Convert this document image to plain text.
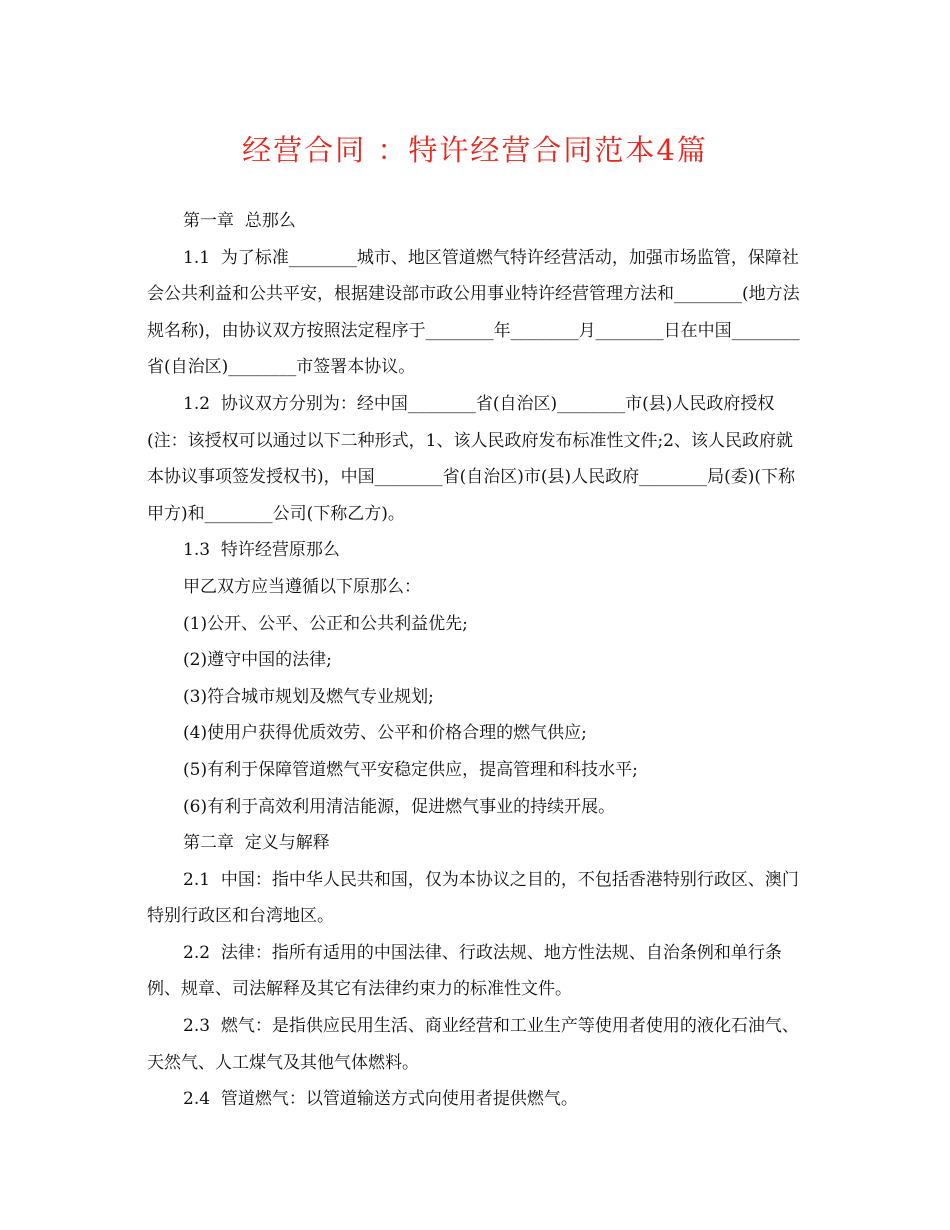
经营合同 ：特许经营合同范本4篇

第一章  总那么

1.1  为了标准________城市、地区管道燃气特许经营活动，加强市场监管，保障社会公共利益和公共平安，根据建设部市政公用事业特许经营管理方法和________(地方法规名称)，由协议双方按照法定程序于________年________月________日在中国________省(自治区)________市签署本协议。

1.2  协议双方分别为：经中国________省(自治区)________市(县)人民政府授权(注：该授权可以通过以下二种形式，1、该人民政府发布标准性文件;2、该人民政府就本协议事项签发授权书)，中国________省(自治区)市(县)人民政府________局(委)(下称甲方)和________公司(下称乙方)。

1.3  特许经营原那么

甲乙双方应当遵循以下原那么：

(1)公开、公平、公正和公共利益优先;

(2)遵守中国的法律;

(3)符合城市规划及燃气专业规划;

(4)使用户获得优质效劳、公平和价格合理的燃气供应;

(5)有利于保障管道燃气平安稳定供应，提高管理和科技水平;

(6)有利于高效利用清洁能源，促进燃气事业的持续开展。

第二章  定义与解释

2.1  中国：指中华人民共和国，仅为本协议之目的，不包括香港特别行政区、澳门特别行政区和台湾地区。

2.2  法律：指所有适用的中国法律、行政法规、地方性法规、自治条例和单行条例、规章、司法解释及其它有法律约束力的标准性文件。

2.3  燃气：是指供应民用生活、商业经营和工业生产等使用者使用的液化石油气、天然气、人工煤气及其他气体燃料。

2.4  管道燃气：以管道输送方式向使用者提供燃气。
